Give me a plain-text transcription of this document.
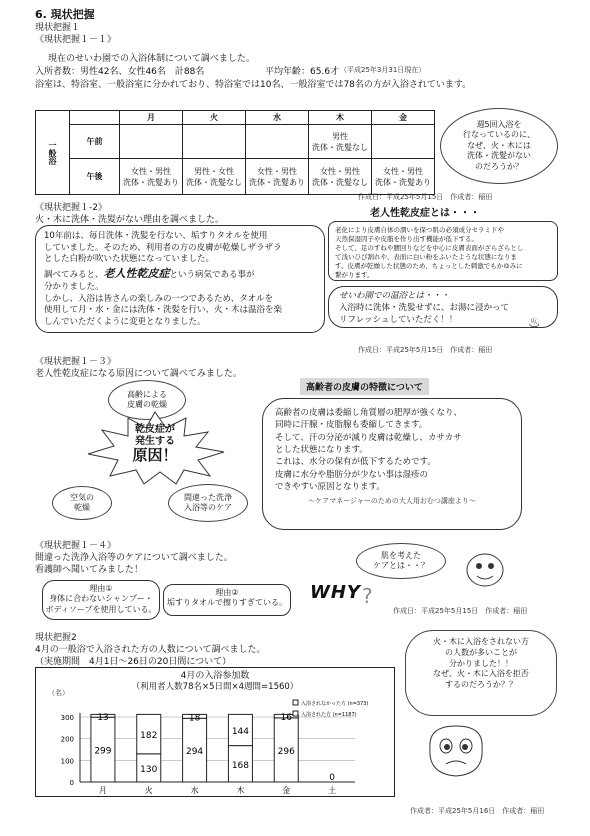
6. 現状把握
現状把握１
《現状把握１－１》
現在のせいわ園での入浴体制について調べました。
入所者数：男性42名、女性46名　計88名	平均年齢：65.6才 （平成25年3月31日現在）
浴室は、特浴室、一般浴室に分かれており、特浴室では10名、一般浴室では78名の方が入浴されています。
一般浴		月	火	水	木	金
	午前				男性
洗体・洗髪なし	
	午後	女性・男性
洗体・洗髪あり	男性・女性
洗体・洗髪なし	女性・男性
洗体・洗髪あり	女性・男性
洗体・洗髪なし	女性・男性
洗体・洗髪あり
週5回入浴を
行なっているのに、
なぜ、火・木には
洗体・洗髪がない
のだろうか？
作成日：平成25年5月15日　作成者：稲田
《現状把握１-2》
火・木に洗体・洗髪がない理由を調べました。
10年前は、毎日洗体・洗髪を行ない、垢すりタオルを使用
していました。そのため、利用者の方の皮膚が乾燥しザラザラ
とした白粉が吹いた状態になっていました。
調べてみると、老人性乾皮症という病気である事が
分かりました。
しかし、入浴は皆さんの楽しみの一つであるため、タオルを
使用して月・水・金には洗体・洗髪を行い、火・木は温浴を楽
しんでいただくように変更となりました。
老人性乾皮症とは・・・
老化により皮膚自体の潤いを保つ肌の必須成分セラミドや
天然保湿因子や皮脂を作り出す機能が低下する。
そして、足のすねや腰回りなどを中心に皮膚表面がざらざらとし
て浅いひび割れや、表面に白い粉をふいたような状態になりま
す。皮膚が乾燥した状態のため、ちょっとした刺激でもかゆみに
繋がります。
せいわ園での温浴とは・・・
入浴時に洗体・洗髪せずに、お湯に浸かって
リフレッシュしていただく！！	♨
作成日：平成25年5月15日　作成者：稲田
《現状把握１－３》
老人性乾皮症になる原因について調べてみました。
高齢による
皮膚の乾燥
乾皮症が
発生する
原因！
空気の
乾燥
間違った洗浄
入浴等のケア
高齢者の皮膚の特徴について
高齢者の皮膚は委縮し角質層の肥厚が強くなり、
同時に汗腺・皮脂腺も委縮してきます。
そして、汗の分泌が減り皮膚は乾燥し、カサカサ
とした状態になります。
これは、水分の保有が低下するためです。
皮膚に水分や脂肪分が少ない事は湿疹の
できやすい原因となります。
～ケアマネージャーのための大人用おむつ講座より～
《現状把握１－４》
間違った洗浄入浴等のケアについて調べました。
看護師へ聞いてみました！
理由①
身体に合わないシャンプー・
ボディソープを使用している。
理由②
垢すりタオルで擦りすぎている。 WHY ?
肌を考えた
ケアとは・・？
作成日：平成25年5月15日　作成者：稲田
現状把握2
4月の一般浴で入浴された方の人数について調べました。
（実施期間　4月1日～26日の20日間について）
4月の入浴参加数
（利用者人数78名×5日間×4週間=1560）
（名）
0
100
200
300
299
13
月
130
182
火
294
18
水
168
144
木
296
16
金
0
土
入浴されなかった方 (n=373)
入浴された方 (n=1187)
火・木に入浴をされない方
の人数が多いことが
分かりました！！
なぜ、火・木に入浴を拒否
するのだろうか？？
作成者：平成25年5月16日　作成者：稲田
